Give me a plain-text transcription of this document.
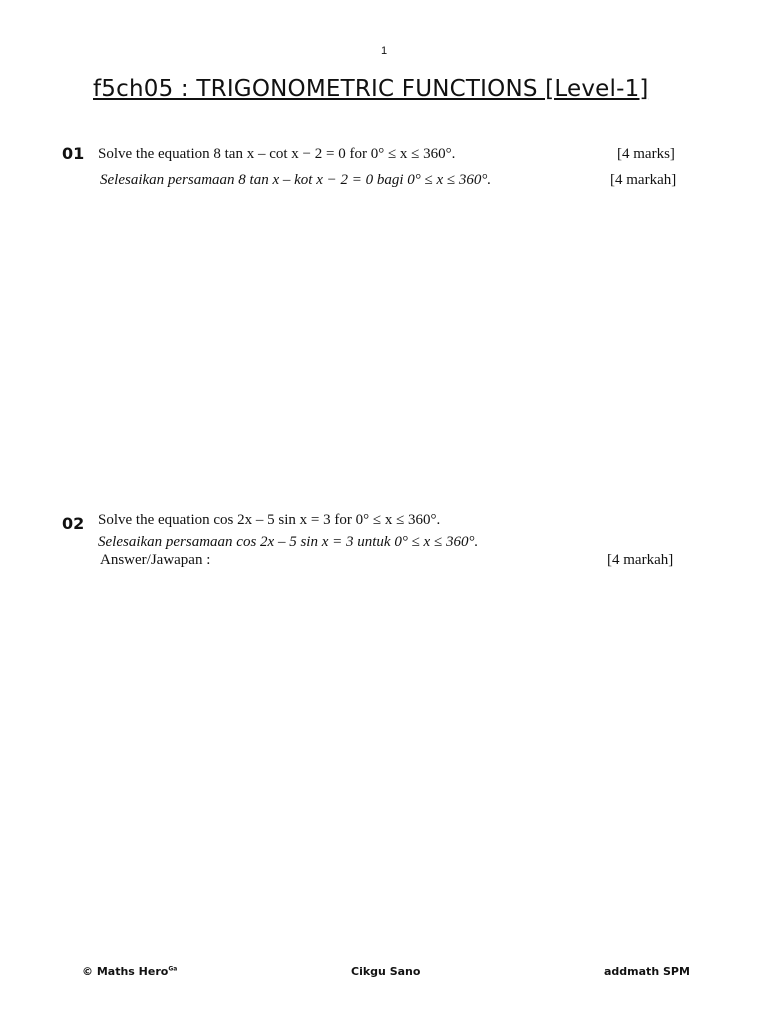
1
f5ch05 : TRIGONOMETRIC FUNCTIONS [Level-1]
01 Solve the equation 8 tan x – cot x − 2 = 0 for 0° ≤ x ≤ 360°.	[4 marks]
Selesaikan persamaan 8 tan x – kot x − 2 = 0 bagi 0° ≤ x ≤ 360°.	[4 markah]
02 Solve the equation cos 2x – 5 sin x = 3 for 0° ≤ x ≤ 360°.
Selesaikan persamaan cos 2x – 5 sin x = 3 untuk 0° ≤ x ≤ 360°.
Answer/Jawapan :	[4 markah]
© Maths Hero$^{Ga}$	Cikgu Sano	addmath SPM
